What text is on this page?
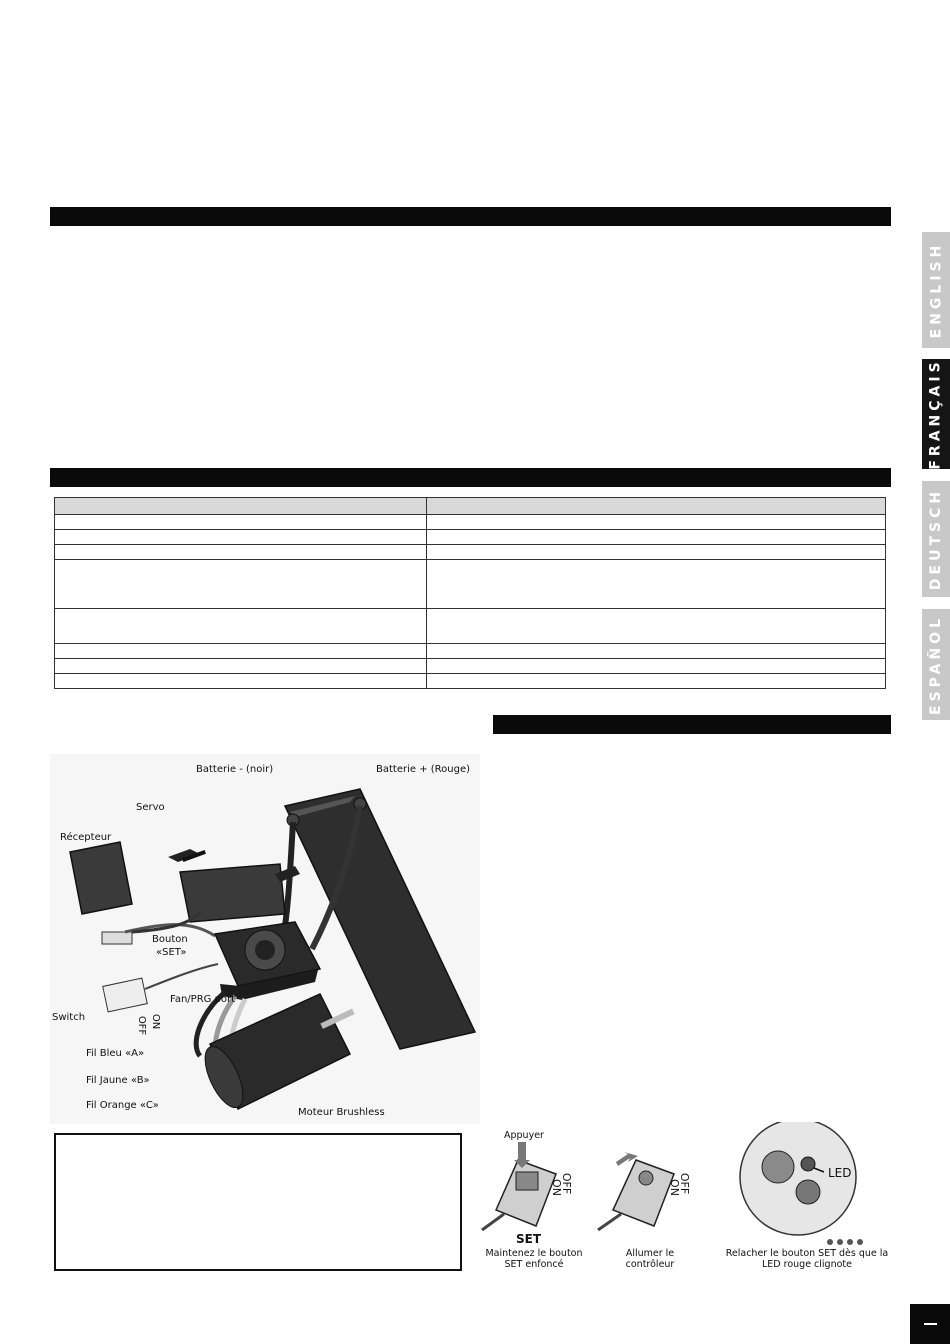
ENGLISH
FRANÇAIS
DEUTSCH
ESPAÑOL
Batterie - (noir)	Batterie + (Rouge)
Servo
Récepteur
Bouton
«SET»
Switch	ON
OFF
Fan/PRG port
Fil Bleu «A»
Fil Jaune «B»
Fil Orange «C»
Moteur Brushless
Appuyer
SET
OFF
ON
Maintenez le bouton
SET enfoncé
OFF
ON
Allumer le contrôleur
LED
Relacher le bouton SET dès que la
LED rouge clignote
